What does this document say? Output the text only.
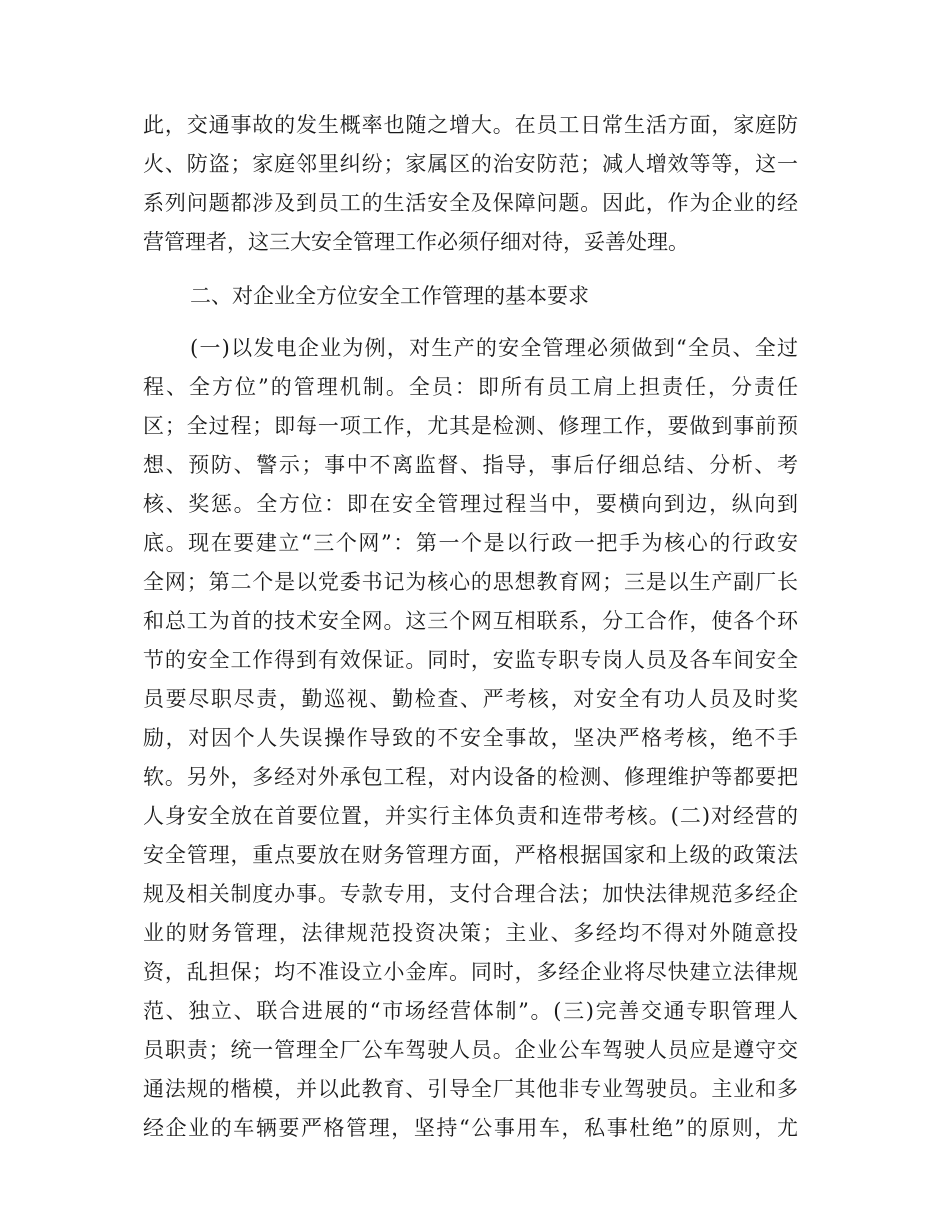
此，交通事故的发生概率也随之增大。在员工日常生活方面，家庭防
火、防盗；家庭邻里纠纷；家属区的治安防范；减人增效等等，这一
系列问题都涉及到员工的生活安全及保障问题。因此，作为企业的经
营管理者，这三大安全管理工作必须仔细对待，妥善处理。
二、对企业全方位安全工作管理的基本要求
(一)以发电企业为例，对生产的安全管理必须做到“全员、全过
程、全方位”的管理机制。全员：即所有员工肩上担责任，分责任
区；全过程；即每一项工作，尤其是检测、修理工作，要做到事前预
想、预防、警示；事中不离监督、指导，事后仔细总结、分析、考
核、奖惩。全方位：即在安全管理过程当中，要横向到边，纵向到
底。现在要建立“三个网”：第一个是以行政一把手为核心的行政安
全网；第二个是以党委书记为核心的思想教育网；三是以生产副厂长
和总工为首的技术安全网。这三个网互相联系，分工合作，使各个环
节的安全工作得到有效保证。同时，安监专职专岗人员及各车间安全
员要尽职尽责，勤巡视、勤检查、严考核，对安全有功人员及时奖
励，对因个人失误操作导致的不安全事故，坚决严格考核，绝不手
软。另外，多经对外承包工程，对内设备的检测、修理维护等都要把
人身安全放在首要位置，并实行主体负责和连带考核。(二)对经营的
安全管理，重点要放在财务管理方面，严格根据国家和上级的政策法
规及相关制度办事。专款专用，支付合理合法；加快法律规范多经企
业的财务管理，法律规范投资决策；主业、多经均不得对外随意投
资，乱担保；均不准设立小金库。同时，多经企业将尽快建立法律规
范、独立、联合进展的“市场经营体制”。(三)完善交通专职管理人
员职责；统一管理全厂公车驾驶人员。企业公车驾驶人员应是遵守交
通法规的楷模，并以此教育、引导全厂其他非专业驾驶员。主业和多
经企业的车辆要严格管理，坚持“公事用车，私事杜绝”的原则，尤
